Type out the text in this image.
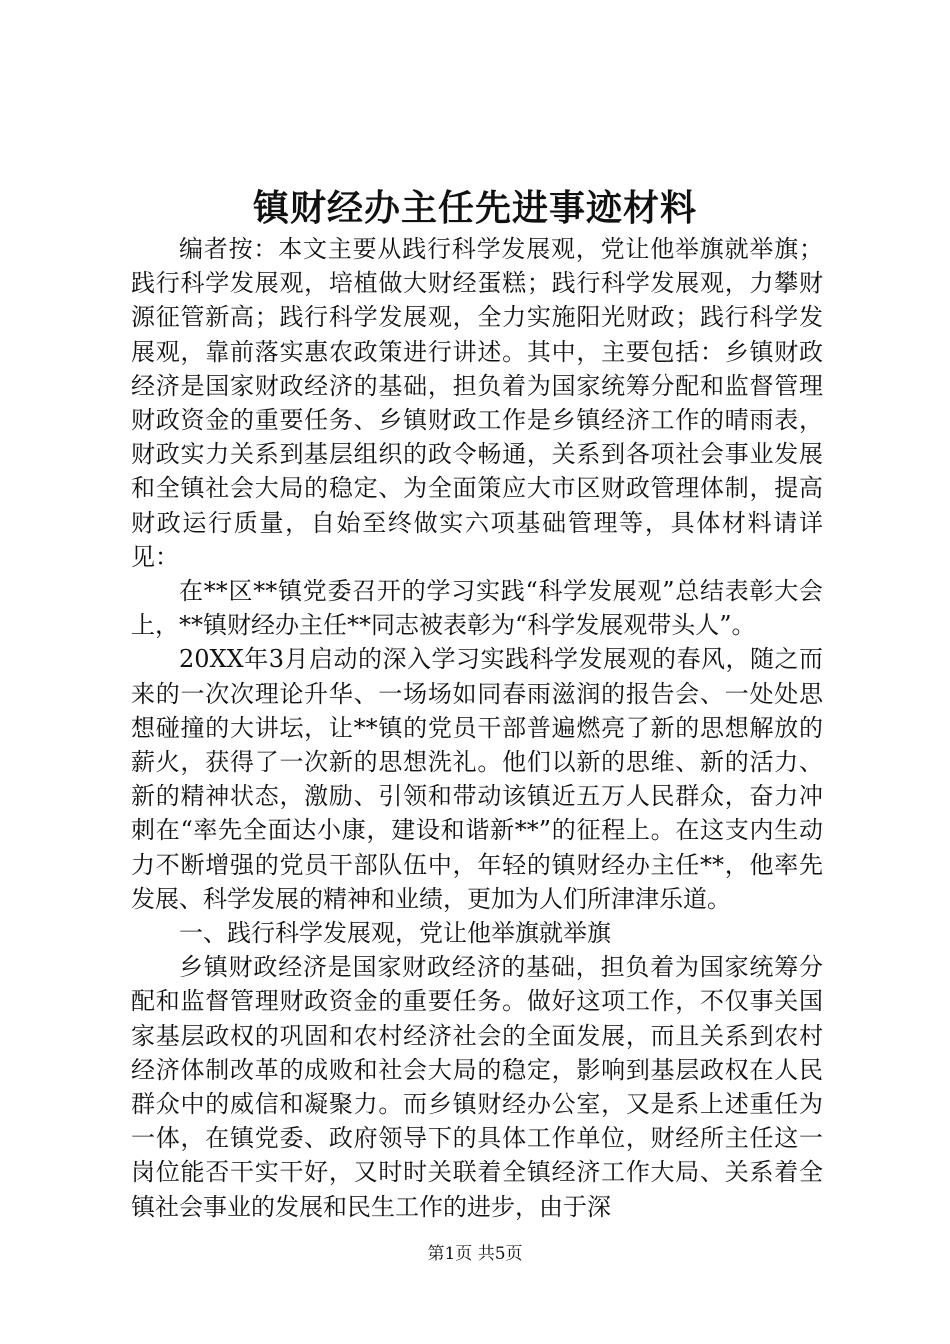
镇财经办主任先进事迹材料

编者按：本文主要从践行科学发展观，党让他举旗就举旗；践行科学发展观，培植做大财经蛋糕；践行科学发展观，力攀财源征管新高；践行科学发展观，全力实施阳光财政；践行科学发展观，靠前落实惠农政策进行讲述。其中，主要包括：乡镇财政经济是国家财政经济的基础，担负着为国家统筹分配和监督管理财政资金的重要任务、乡镇财政工作是乡镇经济工作的晴雨表，财政实力关系到基层组织的政令畅通，关系到各项社会事业发展和全镇社会大局的稳定、为全面策应大市区财政管理体制，提高财政运行质量，自始至终做实六项基础管理等，具体材料请详见：

在**区**镇党委召开的学习实践“科学发展观”总结表彰大会上，**镇财经办主任**同志被表彰为“科学发展观带头人”。

20XX年3月启动的深入学习实践科学发展观的春风，随之而来的一次次理论升华、一场场如同春雨滋润的报告会、一处处思想碰撞的大讲坛，让**镇的党员干部普遍燃亮了新的思想解放的薪火，获得了一次新的思想洗礼。他们以新的思维、新的活力、新的精神状态，激励、引领和带动该镇近五万人民群众，奋力冲刺在“率先全面达小康，建设和谐新**”的征程上。在这支内生动力不断增强的党员干部队伍中，年轻的镇财经办主任**，他率先发展、科学发展的精神和业绩，更加为人们所津津乐道。

一、践行科学发展观，党让他举旗就举旗

乡镇财政经济是国家财政经济的基础，担负着为国家统筹分配和监督管理财政资金的重要任务。做好这项工作，不仅事关国家基层政权的巩固和农村经济社会的全面发展，而且关系到农村经济体制改革的成败和社会大局的稳定，影响到基层政权在人民群众中的威信和凝聚力。而乡镇财经办公室，又是系上述重任为一体，在镇党委、政府领导下的具体工作单位，财经所主任这一岗位能否干实干好，又时时关联着全镇经济工作大局、关系着全镇社会事业的发展和民生工作的进步，由于深

第1页 共5页
